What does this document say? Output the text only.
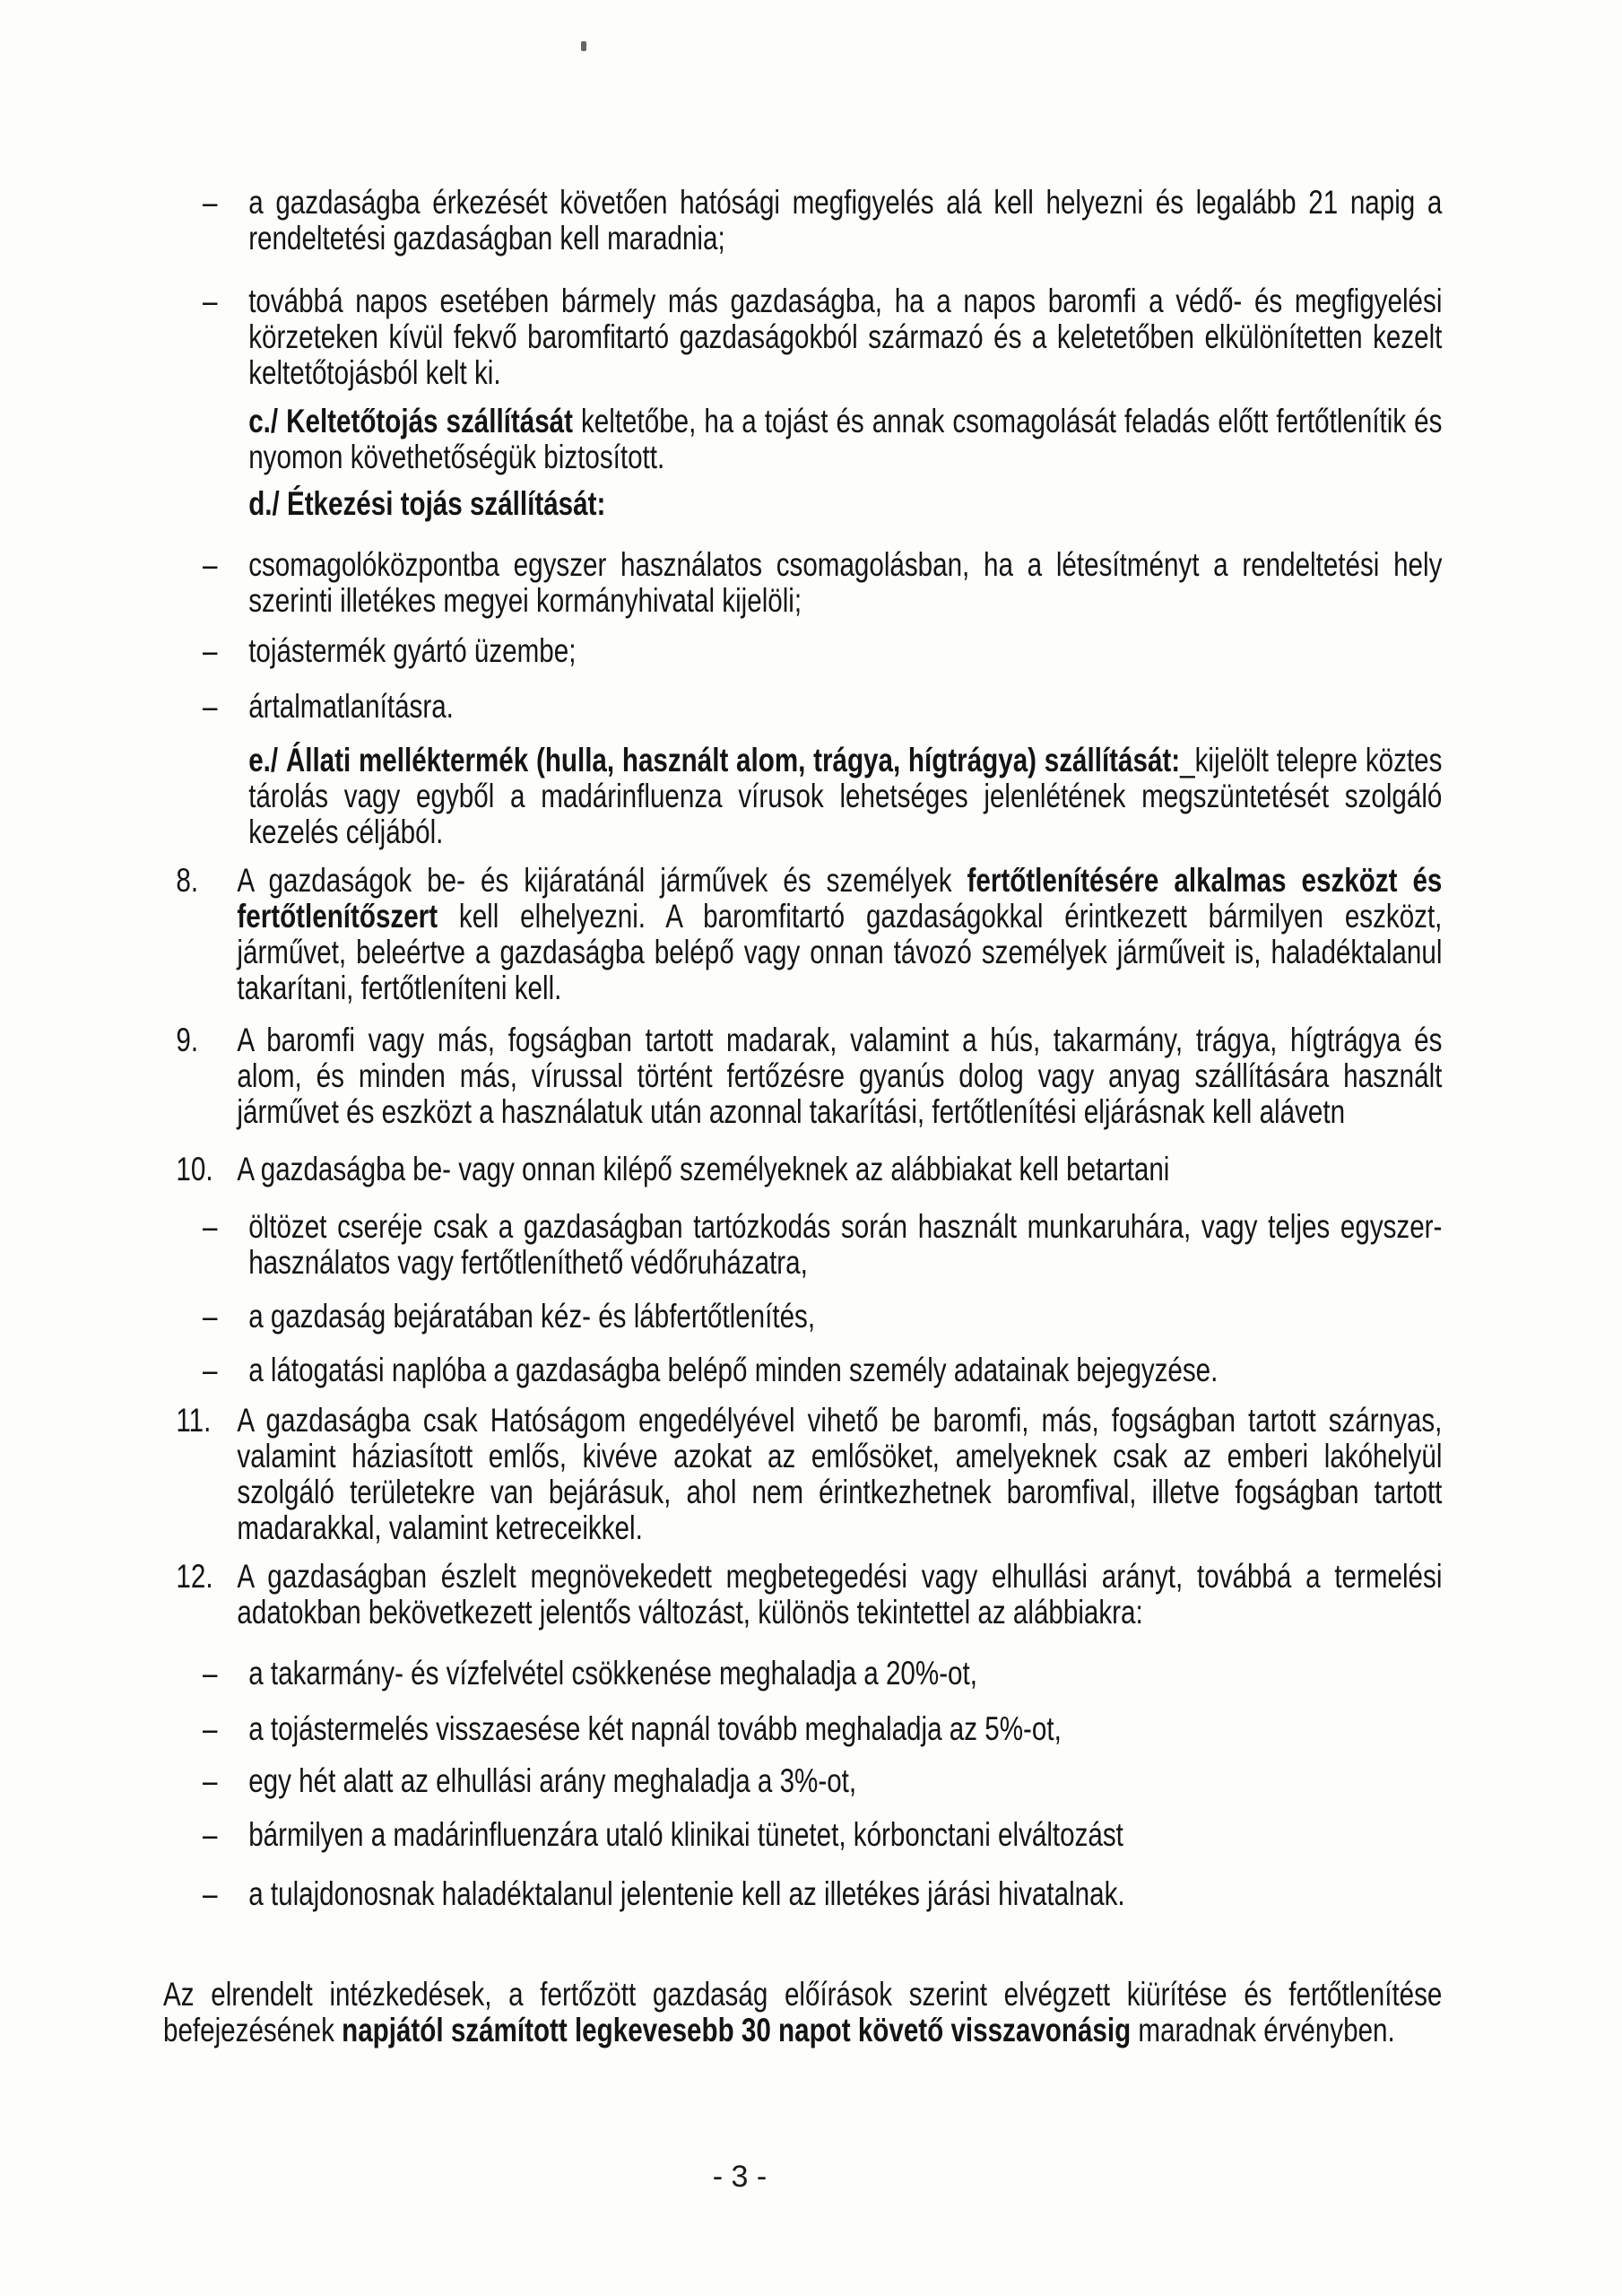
– a gazdaságba érkezését követően hatósági megfigyelés alá kell helyezni és legalább 21 napig a
rendeltetési gazdaságban kell maradnia;
– továbbá napos esetében bármely más gazdaságba, ha a napos baromfi a védő- és megfigyelési
körzeteken kívül fekvő baromfitartó gazdaságokból származó és a keletetőben elkülönítetten kezelt
keltetőtojásból kelt ki.
c./ Keltetőtojás szállítását keltetőbe, ha a tojást és annak csomagolását feladás előtt fertőtlenítik és
nyomon követhetőségük biztosított.
d./ Étkezési tojás szállítását:
– csomagolóközpontba egyszer használatos csomagolásban, ha a létesítményt a rendeltetési hely
szerinti illetékes megyei kormányhivatal kijelöli;
– tojástermék gyártó üzembe;
– ártalmatlanításra.
e./ Állati melléktermék (hulla, használt alom, trágya, hígtrágya) szállítását:_kijelölt telepre köztes
tárolás vagy egyből a madárinfluenza vírusok lehetséges jelenlétének megszüntetését szolgáló
kezelés céljából.
8. A gazdaságok be- és kijáratánál járművek és személyek fertőtlenítésére alkalmas eszközt és
fertőtlenítőszert kell elhelyezni. A baromfitartó gazdaságokkal érintkezett bármilyen eszközt,
járművet, beleértve a gazdaságba belépő vagy onnan távozó személyek járműveit is, haladéktalanul
takarítani, fertőtleníteni kell.
9. A baromfi vagy más, fogságban tartott madarak, valamint a hús, takarmány, trágya, hígtrágya és
alom, és minden más, vírussal történt fertőzésre gyanús dolog vagy anyag szállítására használt
járművet és eszközt a használatuk után azonnal takarítási, fertőtlenítési eljárásnak kell alávetn
10. A gazdaságba be- vagy onnan kilépő személyeknek az alábbiakat kell betartani
– öltözet cseréje csak a gazdaságban tartózkodás során használt munkaruhára, vagy teljes egyszer-
használatos vagy fertőtleníthető védőruházatra,
– a gazdaság bejáratában kéz- és lábfertőtlenítés,
– a látogatási naplóba a gazdaságba belépő minden személy adatainak bejegyzése.
11. A gazdaságba csak Hatóságom engedélyével vihető be baromfi, más, fogságban tartott szárnyas,
valamint háziasított emlős, kivéve azokat az emlősöket, amelyeknek csak az emberi lakóhelyül
szolgáló területekre van bejárásuk, ahol nem érintkezhetnek baromfival, illetve fogságban tartott
madarakkal, valamint ketreceikkel.
12. A gazdaságban észlelt megnövekedett megbetegedési vagy elhullási arányt, továbbá a termelési
adatokban bekövetkezett jelentős változást, különös tekintettel az alábbiakra:
– a takarmány- és vízfelvétel csökkenése meghaladja a 20%-ot,
– a tojástermelés visszaesése két napnál tovább meghaladja az 5%-ot,
– egy hét alatt az elhullási arány meghaladja a 3%-ot,
– bármilyen a madárinfluenzára utaló klinikai tünetet, kórbonctani elváltozást
– a tulajdonosnak haladéktalanul jelentenie kell az illetékes járási hivatalnak.
Az elrendelt intézkedések, a fertőzött gazdaság előírások szerint elvégzett kiürítése és fertőtlenítése
befejezésének napjától számított legkevesebb 30 napot követő visszavonásig maradnak érvényben.
- 3 -
